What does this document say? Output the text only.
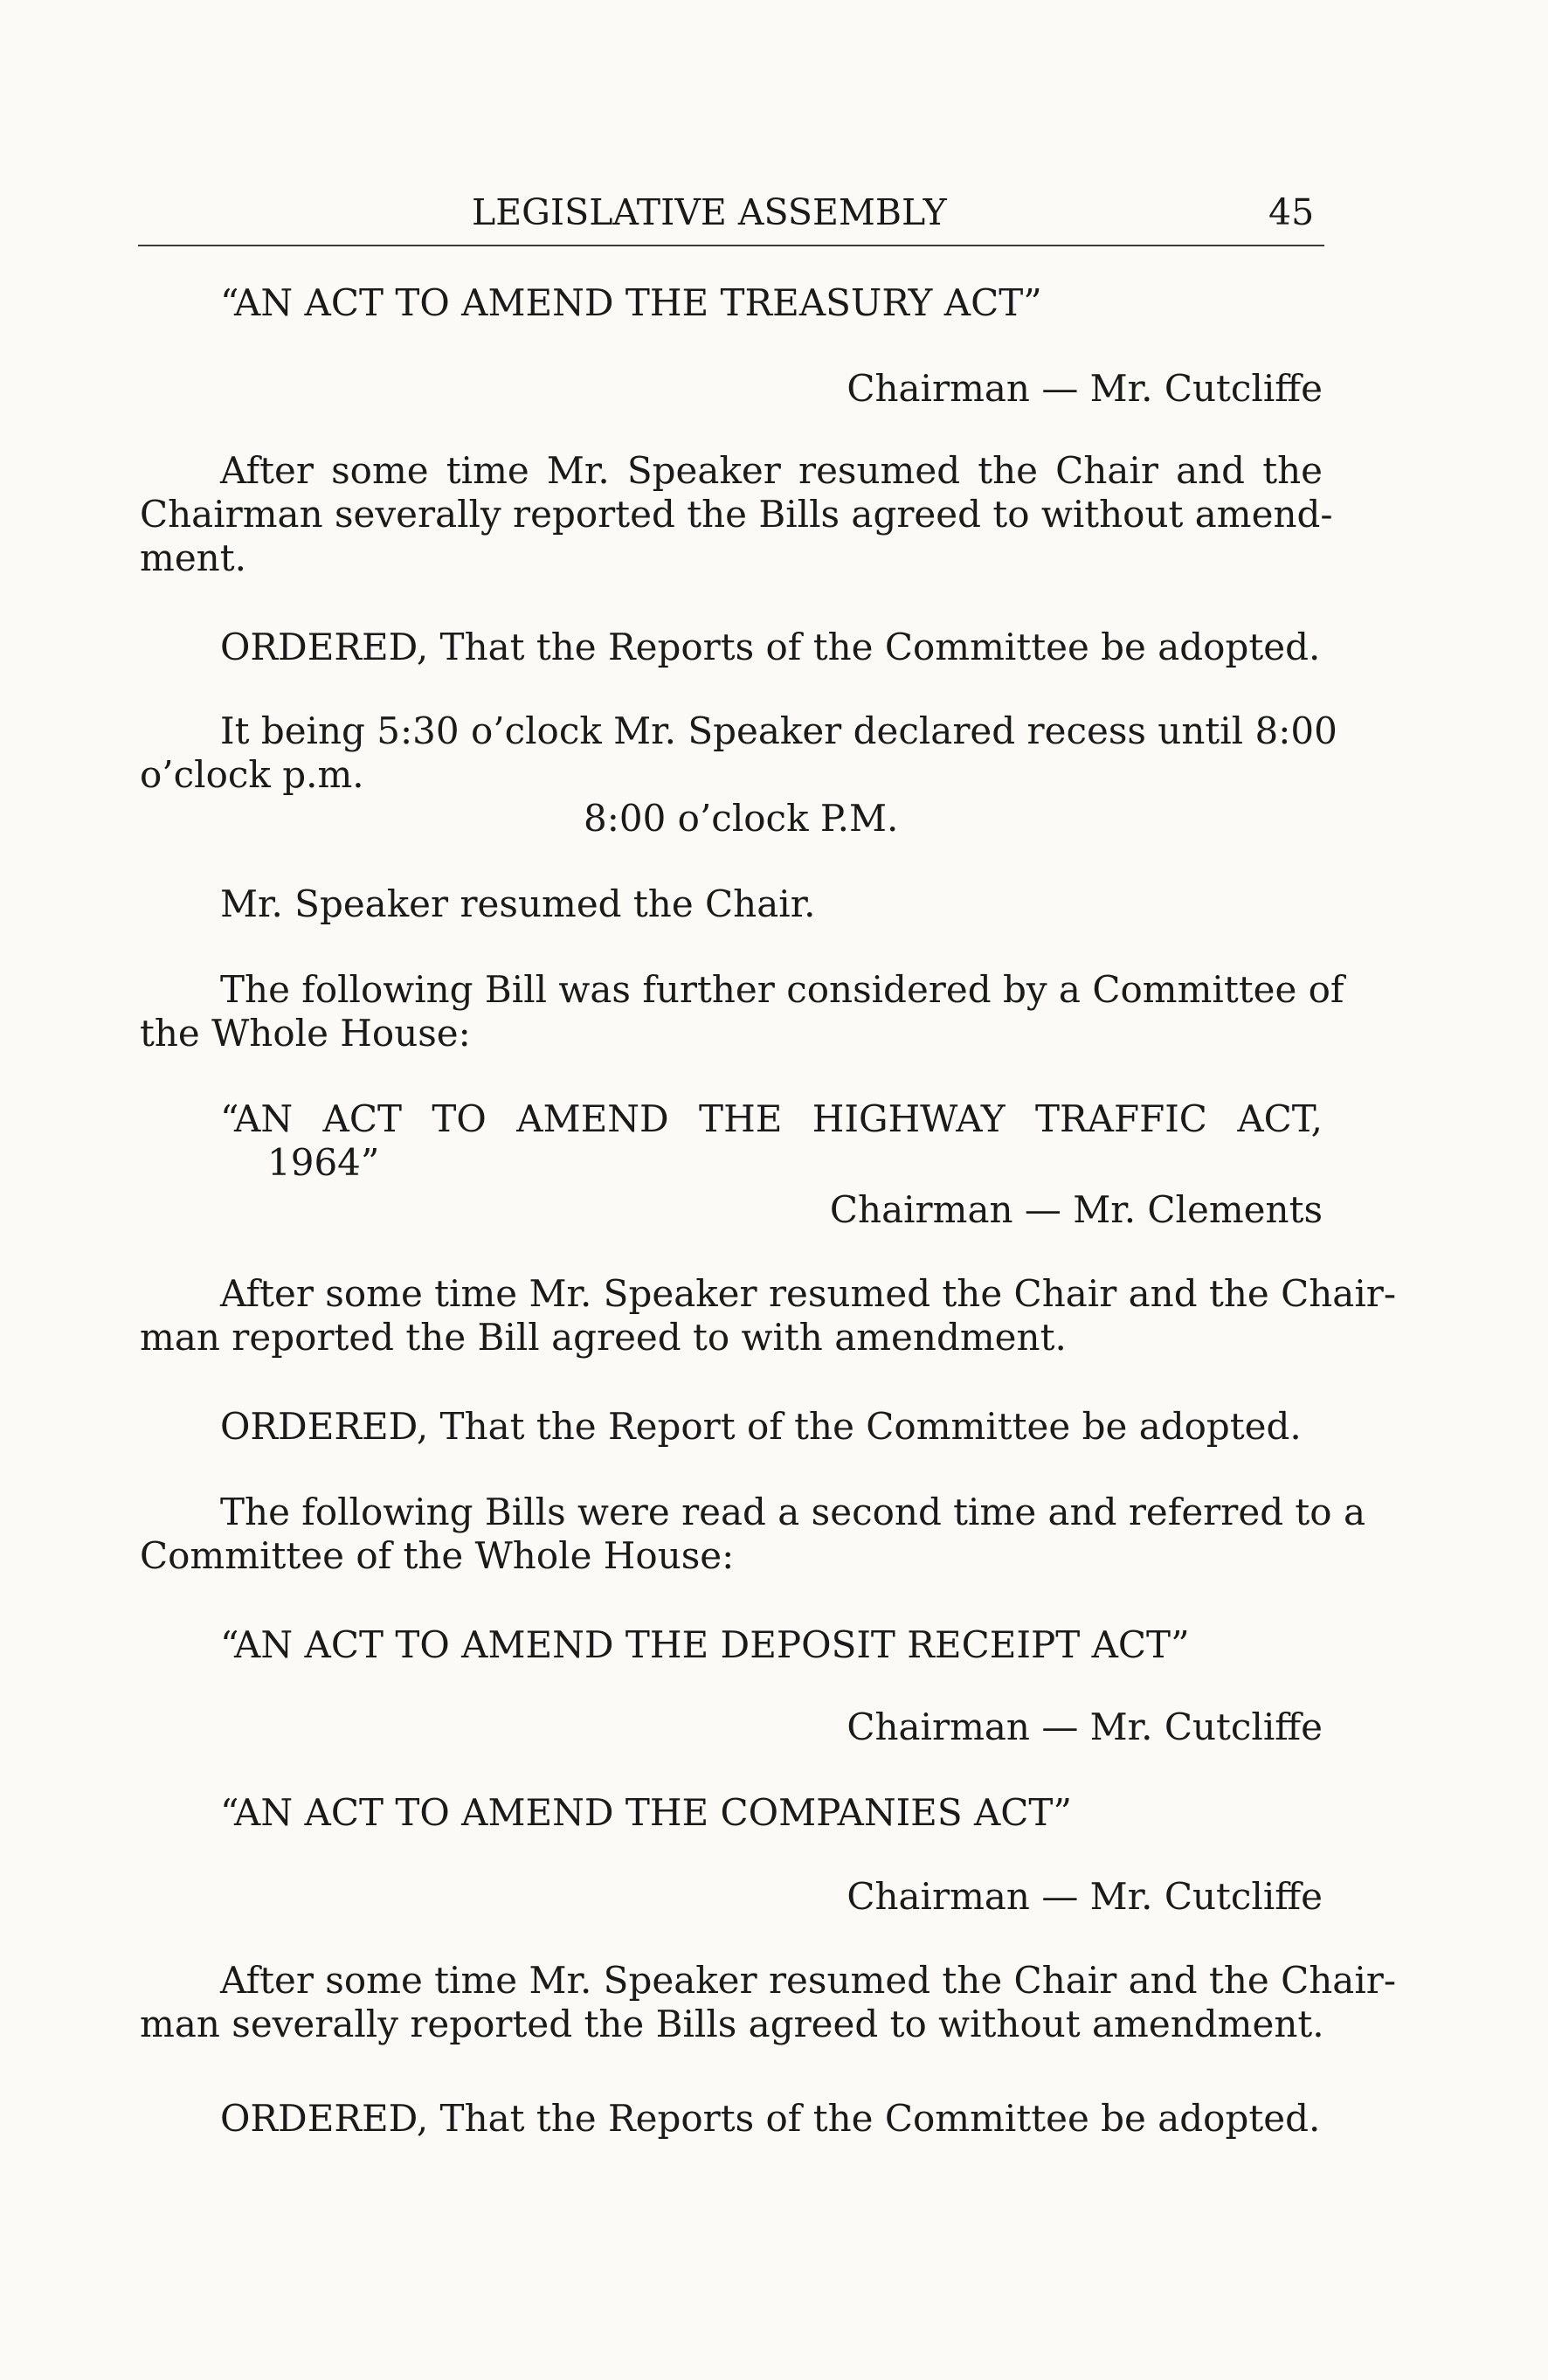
LEGISLATIVE ASSEMBLY	45

“AN ACT TO AMEND THE TREASURY ACT”

Chairman — Mr. Cutcliffe

After some time Mr. Speaker resumed the Chair and the

Chairman severally reported the Bills agreed to without amend-

ment.

ORDERED, That the Reports of the Committee be adopted.

It being 5:30 o’clock Mr. Speaker declared recess until 8:00

o’clock p.m.

8:00 o’clock P.M.

Mr. Speaker resumed the Chair.

The following Bill was further considered by a Committee of

the Whole House:

“AN ACT TO AMEND THE HIGHWAY TRAFFIC ACT,

1964”

Chairman — Mr. Clements

After some time Mr. Speaker resumed the Chair and the Chair-

man reported the Bill agreed to with amendment.

ORDERED, That the Report of the Committee be adopted.

The following Bills were read a second time and referred to a

Committee of the Whole House:

“AN ACT TO AMEND THE DEPOSIT RECEIPT ACT”

Chairman — Mr. Cutcliffe

“AN ACT TO AMEND THE COMPANIES ACT”

Chairman — Mr. Cutcliffe

After some time Mr. Speaker resumed the Chair and the Chair-

man severally reported the Bills agreed to without amendment.

ORDERED, That the Reports of the Committee be adopted.
